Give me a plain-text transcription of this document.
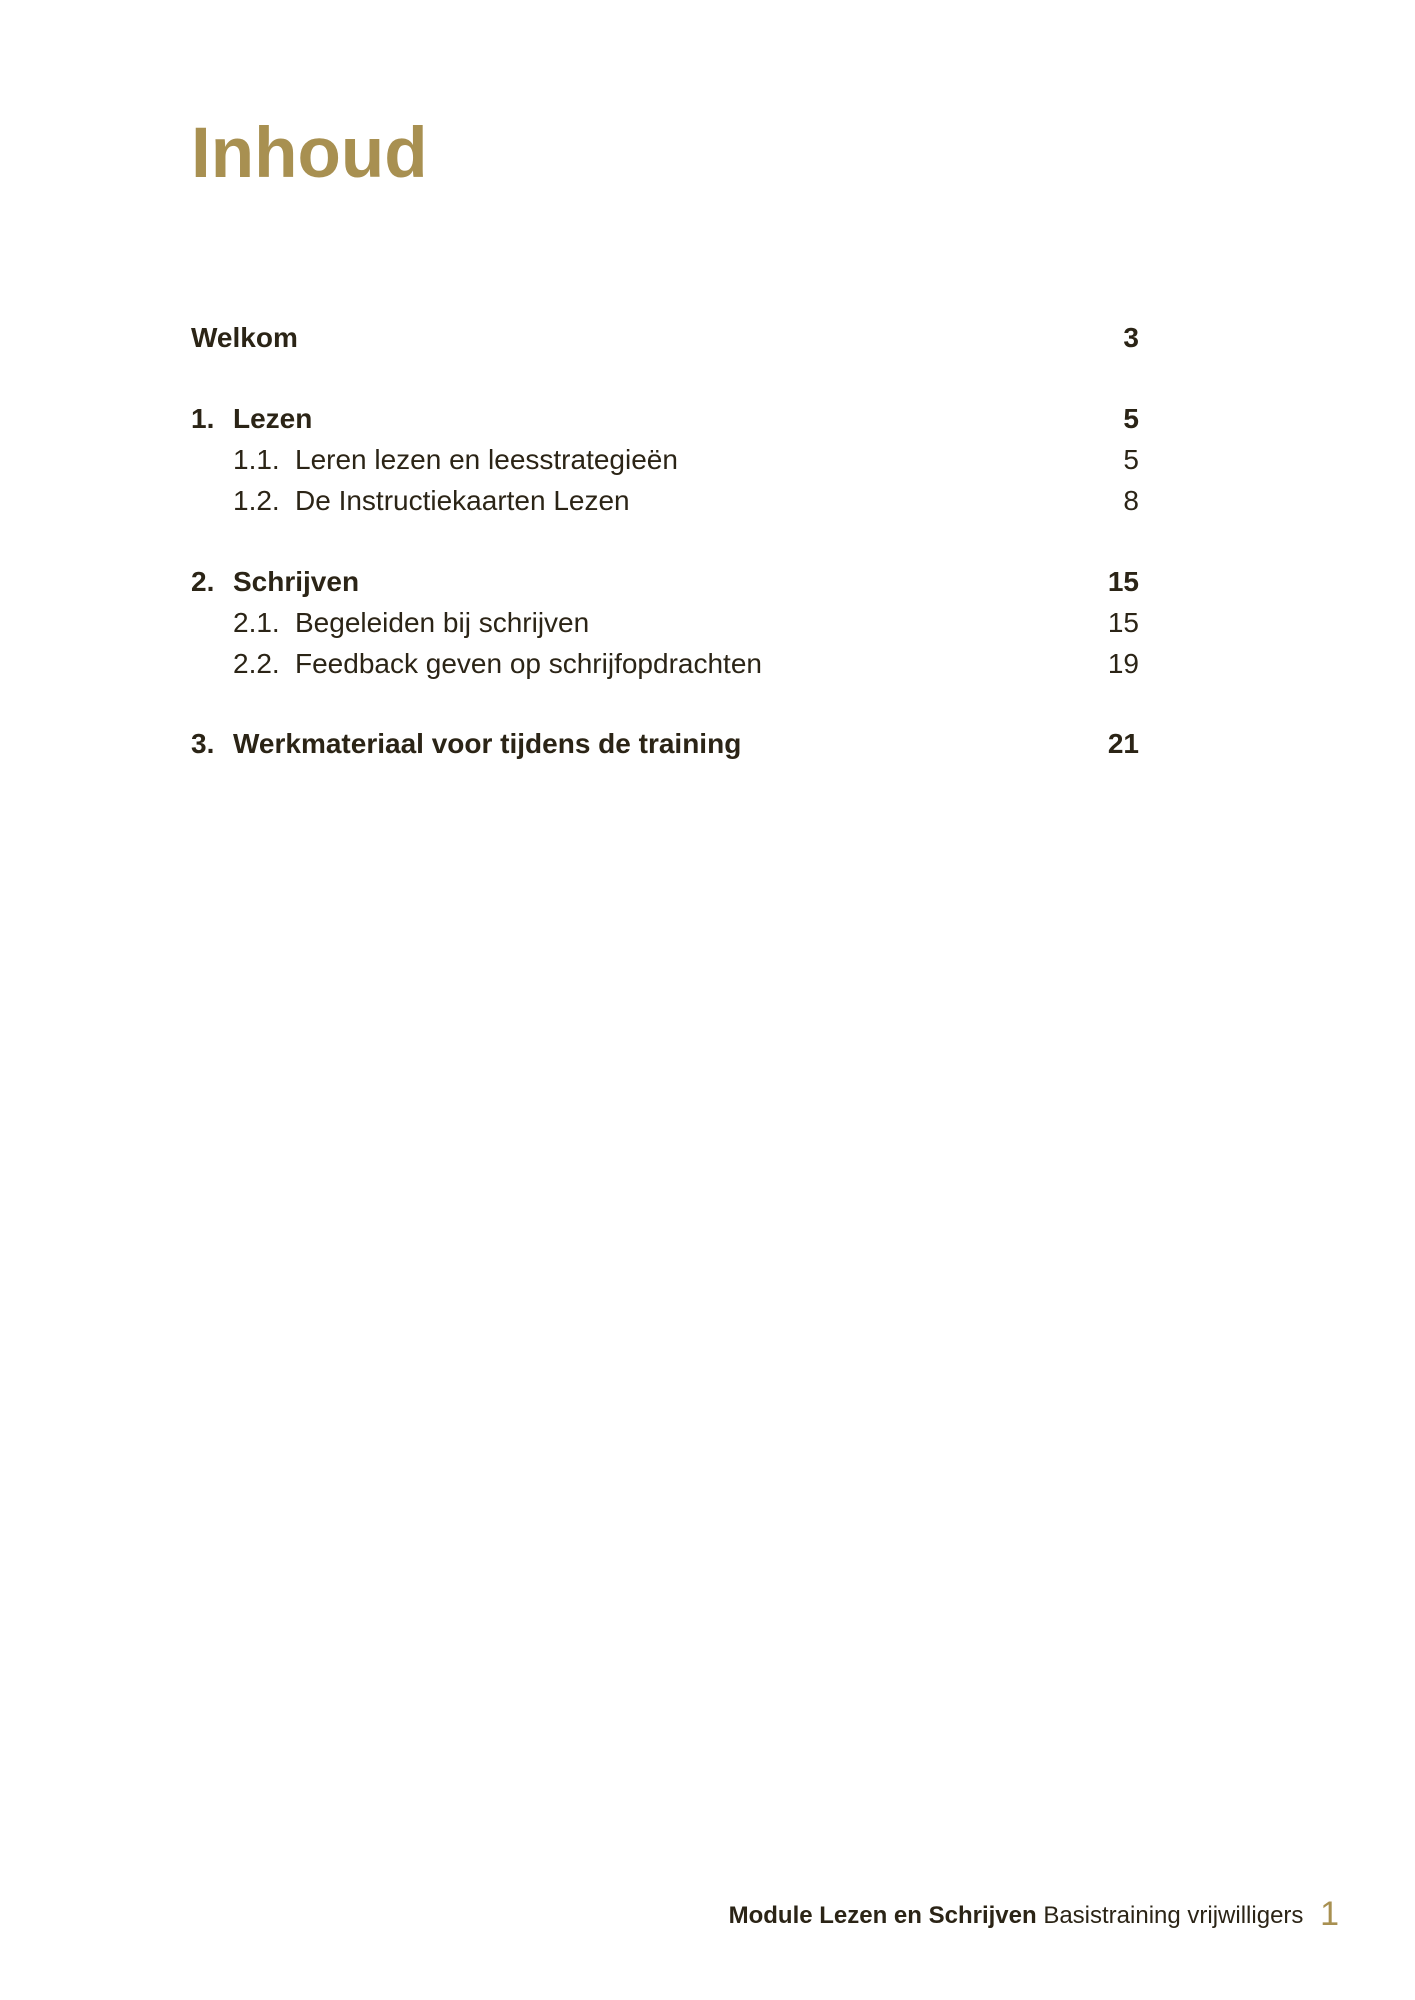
Inhoud
Welkom	3
1. Lezen	5
1.1. Leren lezen en leesstrategieën	5
1.2. De Instructiekaarten Lezen	8
2. Schrijven	15
2.1. Begeleiden bij schrijven	15
2.2. Feedback geven op schrijfopdrachten	19
3. Werkmateriaal voor tijdens de training	21
Module Lezen en Schrijven Basistraining vrijwilligers 1
